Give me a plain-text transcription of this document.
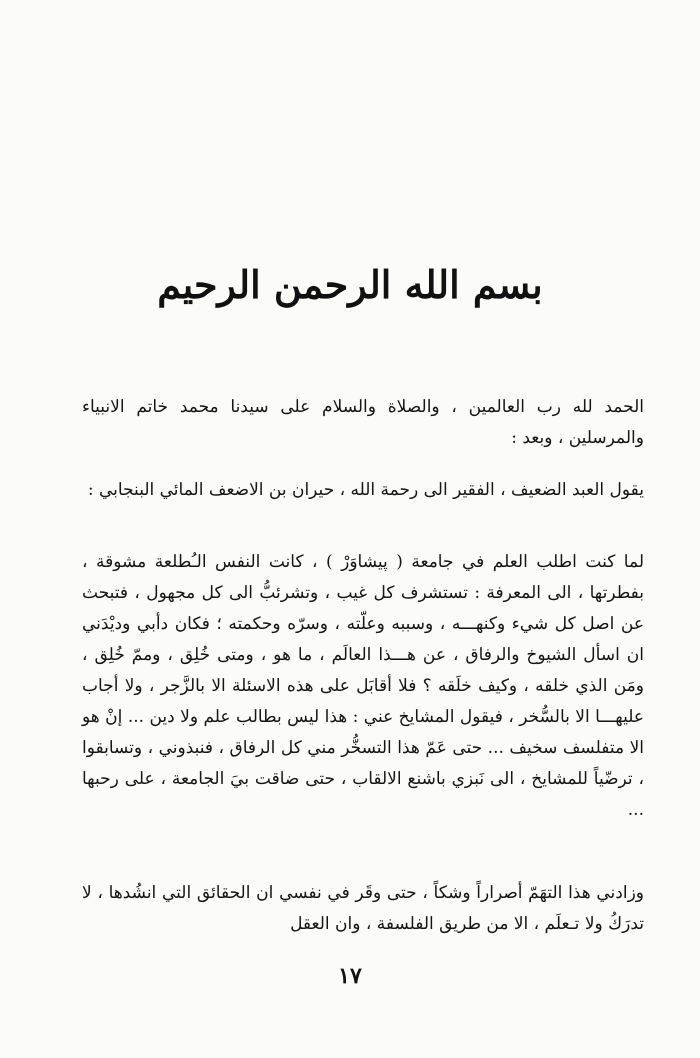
بسم الله الرحمن الرحيم

الحمد لله رب العالمين ، والصلاة والسلام على سيدنا محمد خاتم الانبياء والمرسلين ، وبعد :

يقول العبد الضعيف ، الفقير الى رحمة الله ، حيران بن الاضعف المائي البنجابي :

لما كنت اطلب العلم في جامعة ( پيشاوَرْ ) ، كانت النفس الـُطلعة مشوقة ، بفطرتها ، الى المعرفة : تستشرف كل غيب ، وتشرئبُّ الى كل مجهول ، فتبحث عن اصل كل شيء وكنهـــه ، وسببه وعلّته ، وسرّه وحكمته ؛ فكان دأبي وديْدَني ان اسأل الشيوخ والرفاق ، عن هـــذا العالَم ، ما هو ، ومتى خُلِق ، وممّ خُلِق ، ومَن الذي خلقه ، وكيف خلَقه ؟ فلا أقابَل على هذه الاسئلة الا بالزَّجر ، ولا أجاب عليهـــا الا بالسُّخر ، فيقول المشايخ عني : هذا ليس بطالب علم ولا دين ... إنْ هو الا متفلسف سخيف ... حتى عَمّ هذا التسخُّر مني كل الرفاق ، فنبذوني ، وتسابقوا ، ترضّياً للمشايخ ، الى نَبزي باشنع الالقاب ، حتى ضاقت بيَ الجامعة ، على رحبها ...

وزادني هذا التهَمّ أصراراً وشكاً ، حتى وقَر في نفسي ان الحقائق التي انشُدها ، لا تدرَكُ ولا تـعلَم ، الا من طريق الفلسفة ، وان العقل

١٧
